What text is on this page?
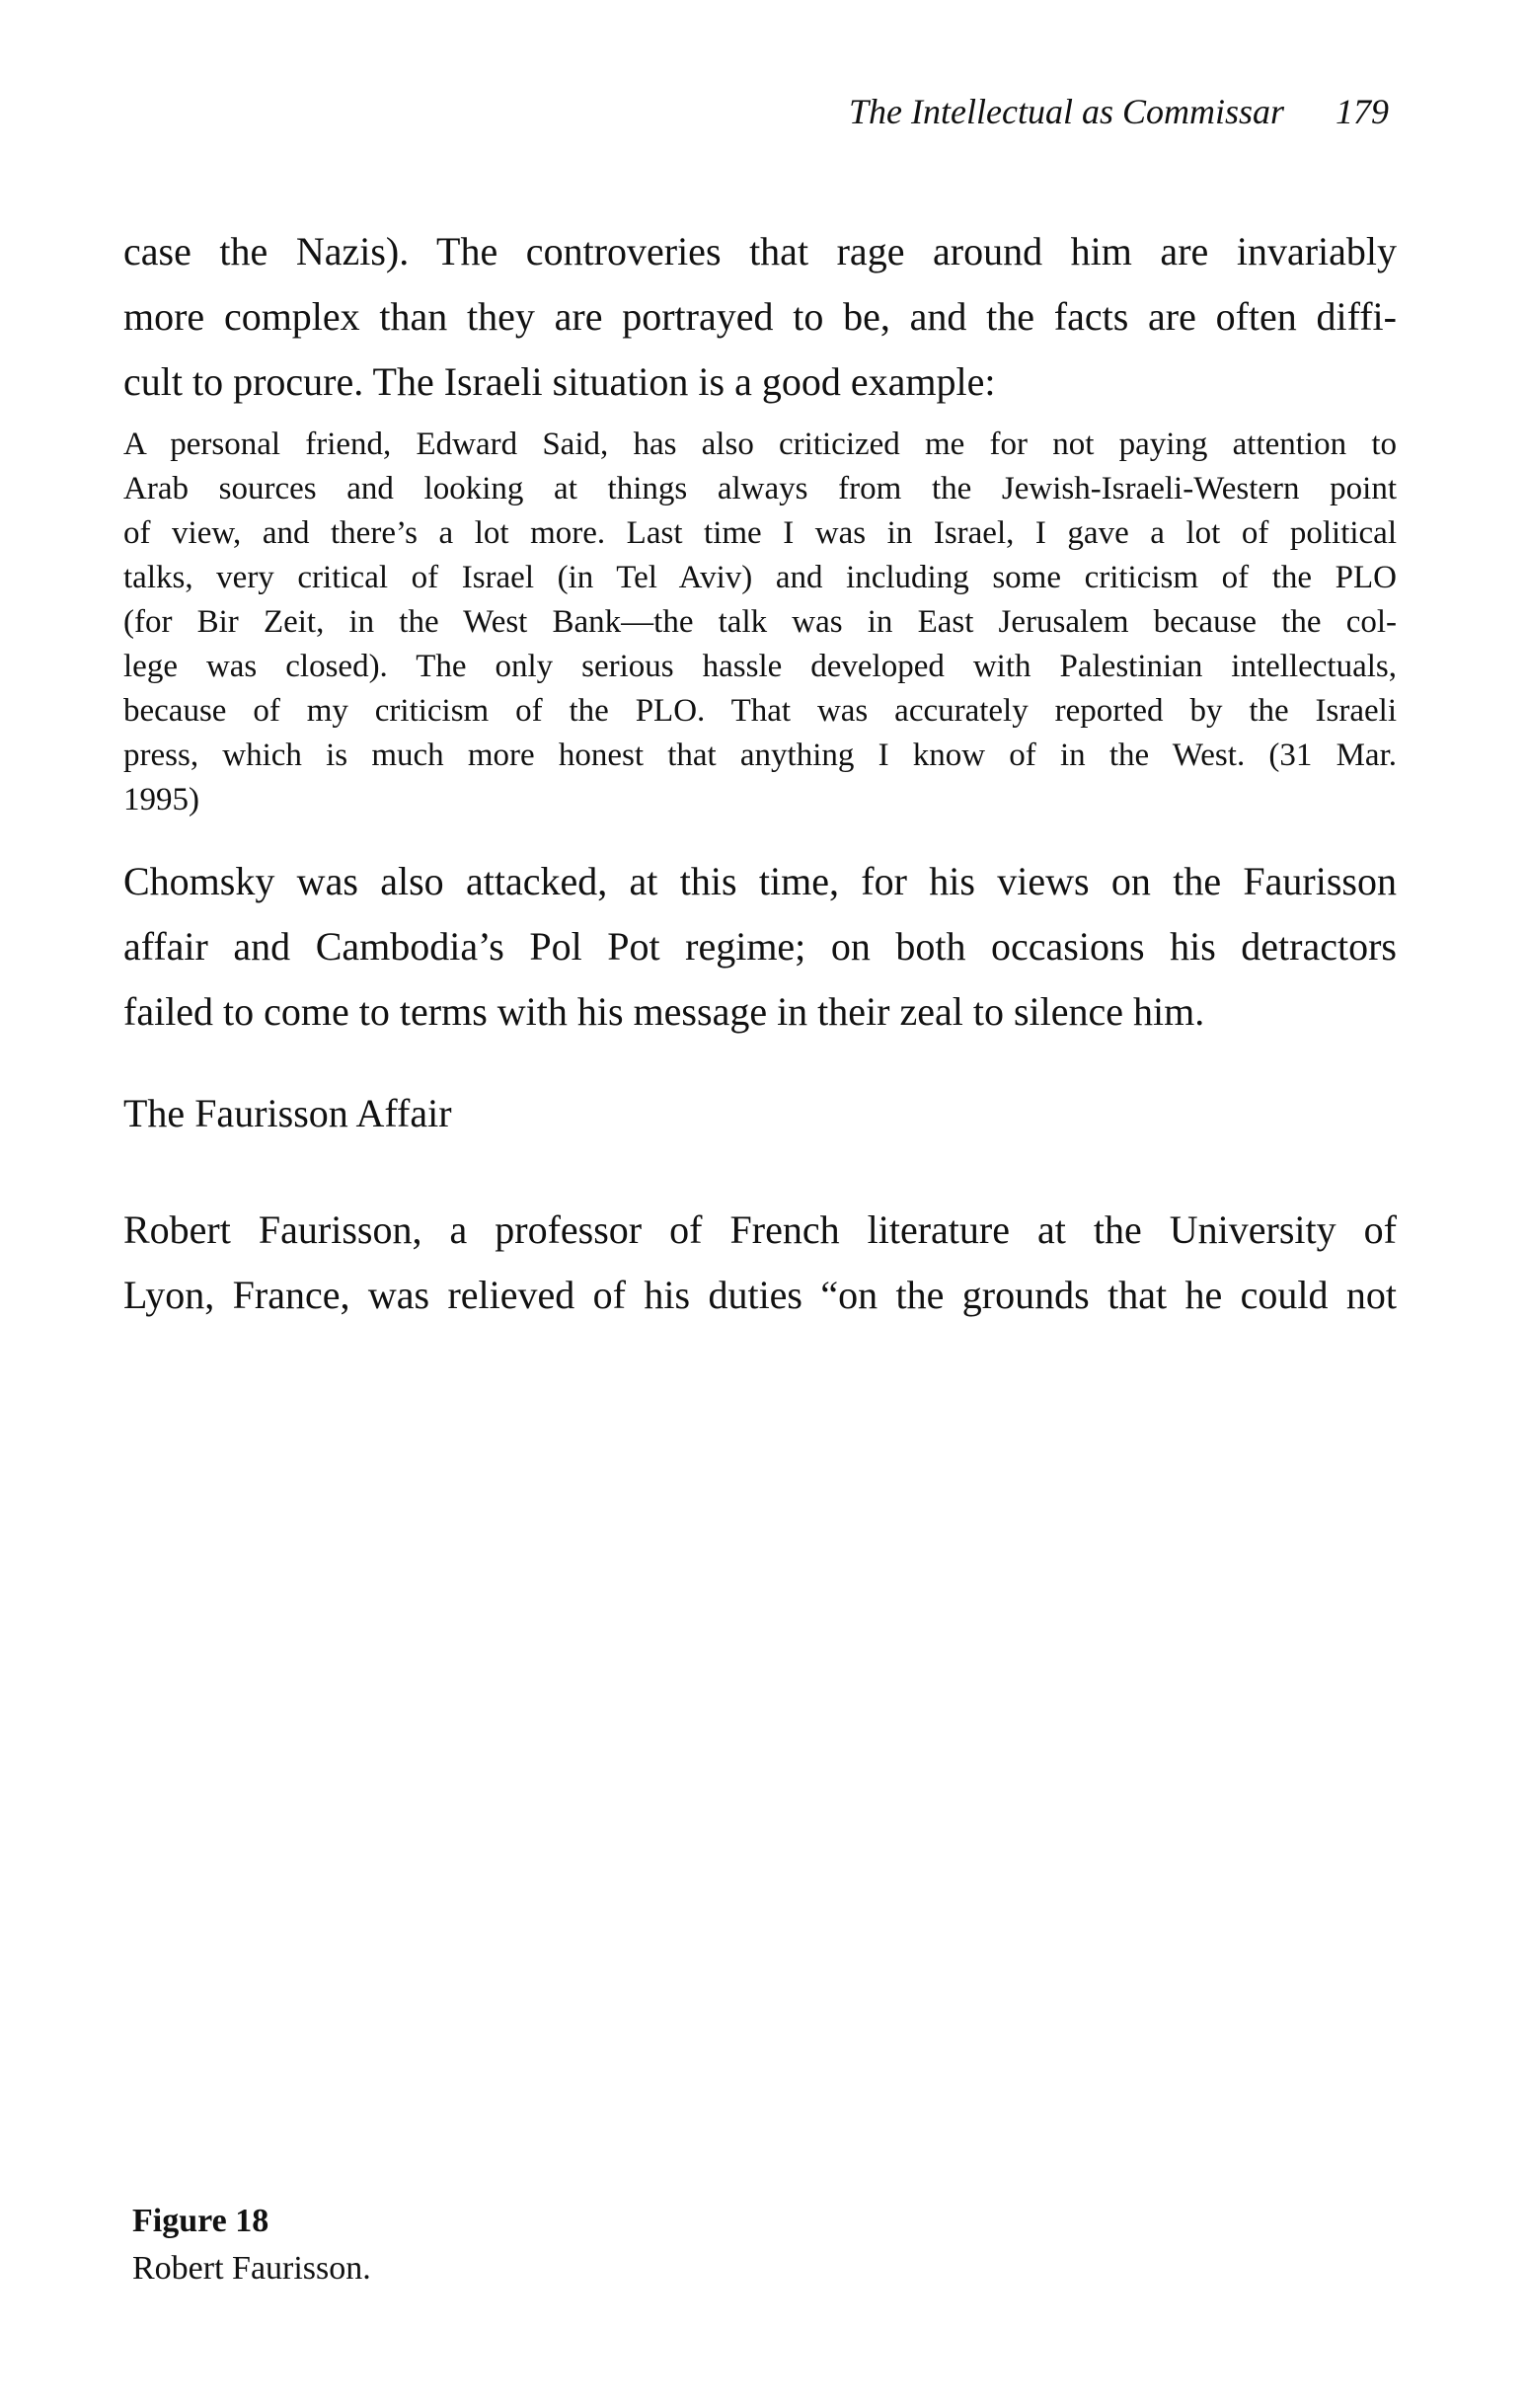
The Intellectual as Commissar 179
case the Nazis). The controveries that rage around him are invariably
more complex than they are portrayed to be, and the facts are often diffi-
cult to procure. The Israeli situation is a good example:
A personal friend, Edward Said, has also criticized me for not paying attention to
Arab sources and looking at things always from the Jewish-Israeli-Western point
of view, and there’s a lot more. Last time I was in Israel, I gave a lot of political
talks, very critical of Israel (in Tel Aviv) and including some criticism of the PLO
(for Bir Zeit, in the West Bank—the talk was in East Jerusalem because the col-
lege was closed). The only serious hassle developed with Palestinian intellectuals,
because of my criticism of the PLO. That was accurately reported by the Israeli
press, which is much more honest that anything I know of in the West. (31 Mar.
1995)
Chomsky was also attacked, at this time, for his views on the Faurisson
affair and Cambodia’s Pol Pot regime; on both occasions his detractors
failed to come to terms with his message in their zeal to silence him.
The Faurisson Affair
Robert Faurisson, a professor of French literature at the University of
Lyon, France, was relieved of his duties “on the grounds that he could not
Figure 18
Robert Faurisson.
